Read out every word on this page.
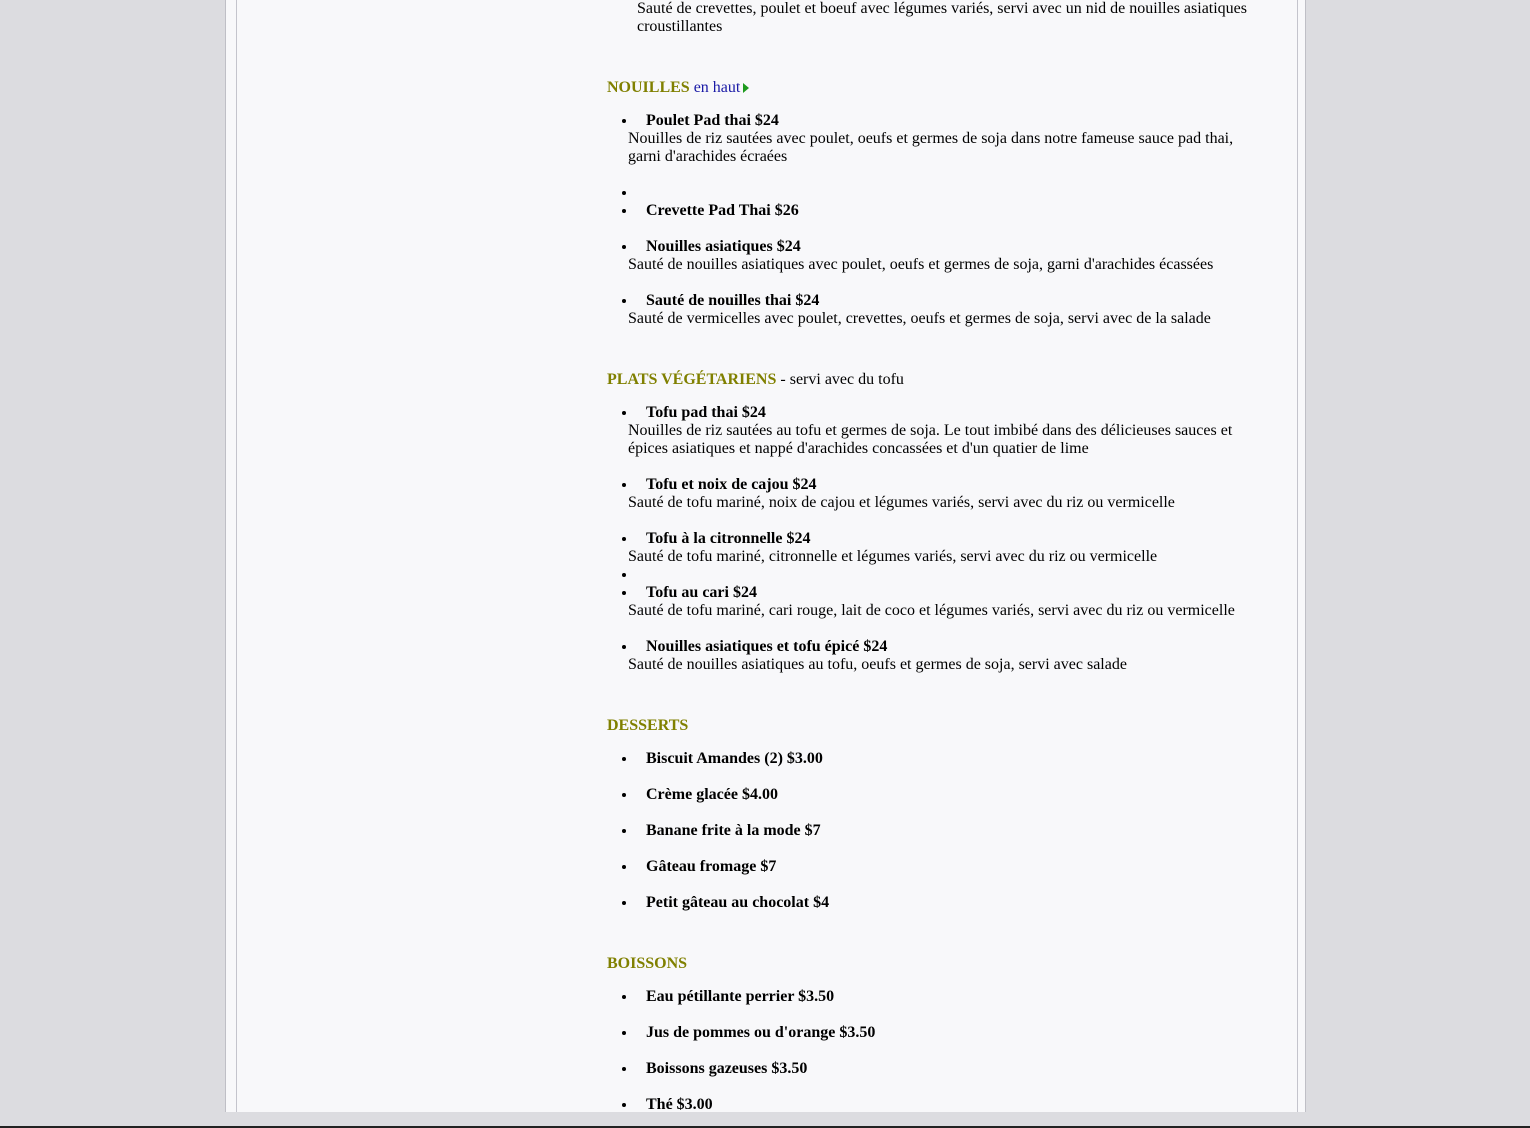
Sauté de crevettes, poulet et boeuf avec légumes variés, servi avec un nid de nouilles asiatiques croustillantes
NOUILLES en haut
• Poulet Pad thai $24
Nouilles de riz sautées avec poulet, oeufs et germes de soja dans notre fameuse sauce pad thai, garni d'arachides écraées
•
• Crevette Pad Thai $26
• Nouilles asiatiques $24
Sauté de nouilles asiatiques avec poulet, oeufs et germes de soja, garni d'arachides écassées
• Sauté de nouilles thai $24
Sauté de vermicelles avec poulet, crevettes, oeufs et germes de soja, servi avec de la salade
PLATS VÉGÉTARIENS - servi avec du tofu
• Tofu pad thai $24
Nouilles de riz sautées au tofu et germes de soja. Le tout imbibé dans des délicieuses sauces et épices asiatiques et nappé d'arachides concassées et d'un quatier de lime
• Tofu et noix de cajou $24
Sauté de tofu mariné, noix de cajou et légumes variés, servi avec du riz ou vermicelle
• Tofu à la citronnelle $24
Sauté de tofu mariné, citronnelle et légumes variés, servi avec du riz ou vermicelle
•
• Tofu au cari $24
Sauté de tofu mariné, cari rouge, lait de coco et légumes variés, servi avec du riz ou vermicelle
• Nouilles asiatiques et tofu épicé $24
Sauté de nouilles asiatiques au tofu, oeufs et germes de soja, servi avec salade
DESSERTS
• Biscuit Amandes (2) $3.00
• Crème glacée $4.00
• Banane frite à la mode $7
• Gâteau fromage $7
• Petit gâteau au chocolat $4
BOISSONS
• Eau pétillante perrier $3.50
• Jus de pommes ou d'orange $3.50
• Boissons gazeuses $3.50
• Thé $3.00
